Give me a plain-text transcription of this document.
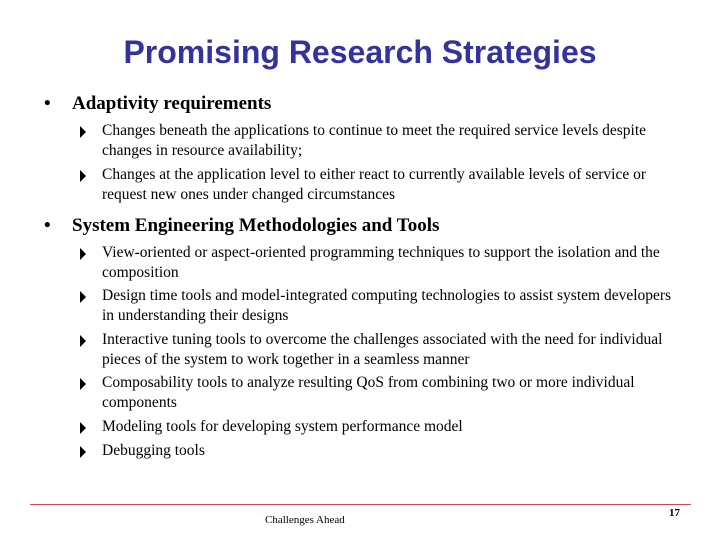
Promising Research Strategies
• Adaptivity requirements
Changes beneath the applications to continue to meet the required service levels despite changes in resource availability;
Changes at the application level to either react to currently available levels of service or request new ones under changed circumstances
• System Engineering Methodologies and Tools
View-oriented or aspect-oriented programming techniques to support the isolation and the composition
Design time tools and model-integrated computing technologies to assist system developers in understanding their designs
Interactive tuning tools to overcome the challenges associated with the need for individual pieces of the system to work together in a seamless manner
Composability tools to analyze resulting QoS from combining two or more individual components
Modeling tools for developing system performance model
Debugging tools
Challenges Ahead
17
